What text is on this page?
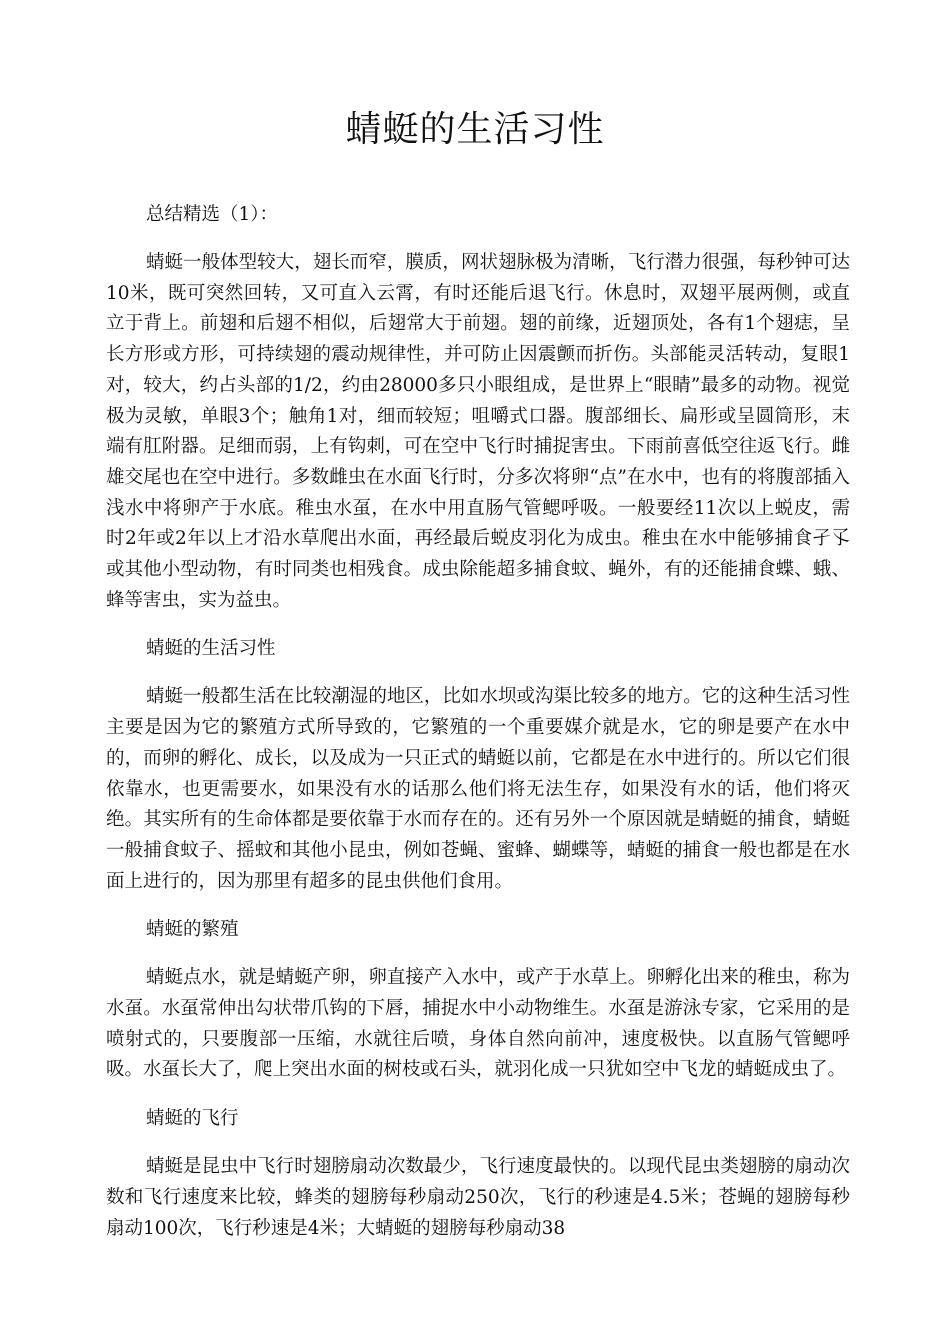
蜻蜓的生活习性

总结精选（1）：

蜻蜓一般体型较大，翅长而窄，膜质，网状翅脉极为清晰，飞行潜力很强，每秒钟可达10米，既可突然回转，又可直入云霄，有时还能后退飞行。休息时，双翅平展两侧，或直立于背上。前翅和后翅不相似，后翅常大于前翅。翅的前缘，近翅顶处，各有1个翅痣，呈长方形或方形，可持续翅的震动规律性，并可防止因震颤而折伤。头部能灵活转动，复眼1对，较大，约占头部的1/2，约由28000多只小眼组成，是世界上“眼睛”最多的动物。视觉极为灵敏，单眼3个；触角1对，细而较短；咀嚼式口器。腹部细长、扁形或呈圆筒形，末端有肛附器。足细而弱，上有钩刺，可在空中飞行时捕捉害虫。下雨前喜低空往返飞行。雌雄交尾也在空中进行。多数雌虫在水面飞行时，分多次将卵“点”在水中，也有的将腹部插入浅水中将卵产于水底。稚虫水虿，在水中用直肠气管鳃呼吸。一般要经11次以上蜕皮，需时2年或2年以上才沿水草爬出水面，再经最后蜕皮羽化为成虫。稚虫在水中能够捕食孑孓或其他小型动物，有时同类也相残食。成虫除能超多捕食蚊、蝇外，有的还能捕食蝶、蛾、蜂等害虫，实为益虫。

蜻蜓的生活习性

蜻蜓一般都生活在比较潮湿的地区，比如水坝或沟渠比较多的地方。它的这种生活习性主要是因为它的繁殖方式所导致的，它繁殖的一个重要媒介就是水，它的卵是要产在水中的，而卵的孵化、成长，以及成为一只正式的蜻蜓以前，它都是在水中进行的。所以它们很依靠水，也更需要水，如果没有水的话那么他们将无法生存，如果没有水的话，他们将灭绝。其实所有的生命体都是要依靠于水而存在的。还有另外一个原因就是蜻蜓的捕食，蜻蜓一般捕食蚊子、摇蚊和其他小昆虫，例如苍蝇、蜜蜂、蝴蝶等，蜻蜓的捕食一般也都是在水面上进行的，因为那里有超多的昆虫供他们食用。

蜻蜓的繁殖

蜻蜓点水，就是蜻蜓产卵，卵直接产入水中，或产于水草上。卵孵化出来的稚虫，称为水虿。水虿常伸出勾状带爪钩的下唇，捕捉水中小动物维生。水虿是游泳专家，它采用的是喷射式的，只要腹部一压缩，水就往后喷，身体自然向前冲，速度极快。以直肠气管鳃呼吸。水虿长大了，爬上突出水面的树枝或石头，就羽化成一只犹如空中飞龙的蜻蜓成虫了。

蜻蜓的飞行

蜻蜓是昆虫中飞行时翅膀扇动次数最少，飞行速度最快的。以现代昆虫类翅膀的扇动次数和飞行速度来比较，蜂类的翅膀每秒扇动250次，飞行的秒速是4.5米；苍蝇的翅膀每秒扇动100次，飞行秒速是4米；大蜻蜓的翅膀每秒扇动38
